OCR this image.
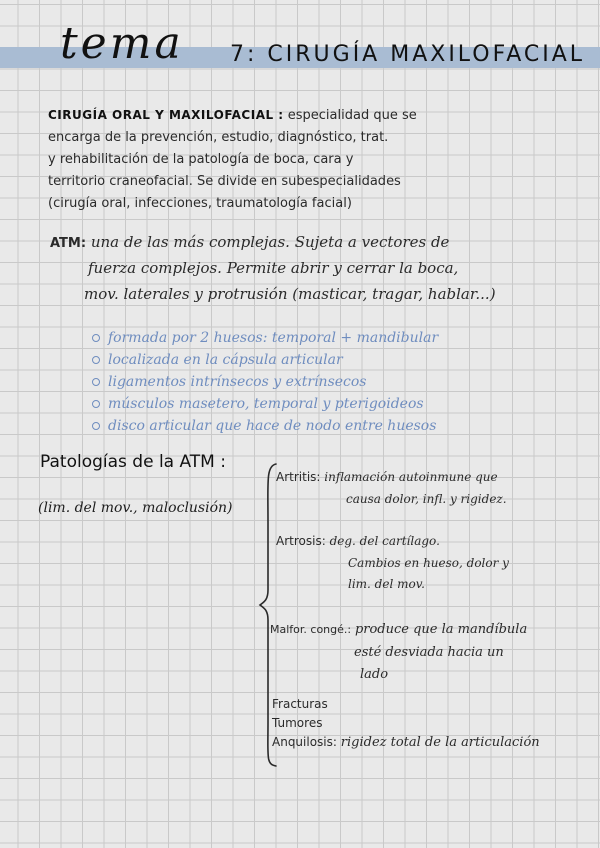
tema 7: CIRUGÍA MAXILOFACIAL
CIRUGÍA ORAL Y MAXILOFACIAL : especialidad que se
encarga de la prevención, estudio, diagnóstico, trat.
y rehabilitación de la patología de boca, cara y
territorio craneofacial. Se divide en subespecialidades
(cirugía oral, infecciones, traumatología facial)
ATM: una de las más complejas. Sujeta a vectores de
fuerza complejos. Permite abrir y cerrar la boca,
mov. laterales y protrusión (masticar, tragar, hablar...)
formada por 2 huesos: temporal + mandibular
localizada en la cápsula articular
ligamentos intrínsecos y extrínsecos
músculos masetero, temporal y pterigoideos
disco articular que hace de nodo entre huesos
Patologías de la ATM :
(lim. del mov., maloclusión)
Artritis: inflamación autoinmune que
causa dolor, infl. y rigidez.
Artrosis: deg. del cartílago.
Cambios en hueso, dolor y
lim. del mov.
Malfor. congé.: produce que la mandíbula
esté desviada hacia un
lado
Fracturas
Tumores
Anquilosis: rigidez total de la articulación
